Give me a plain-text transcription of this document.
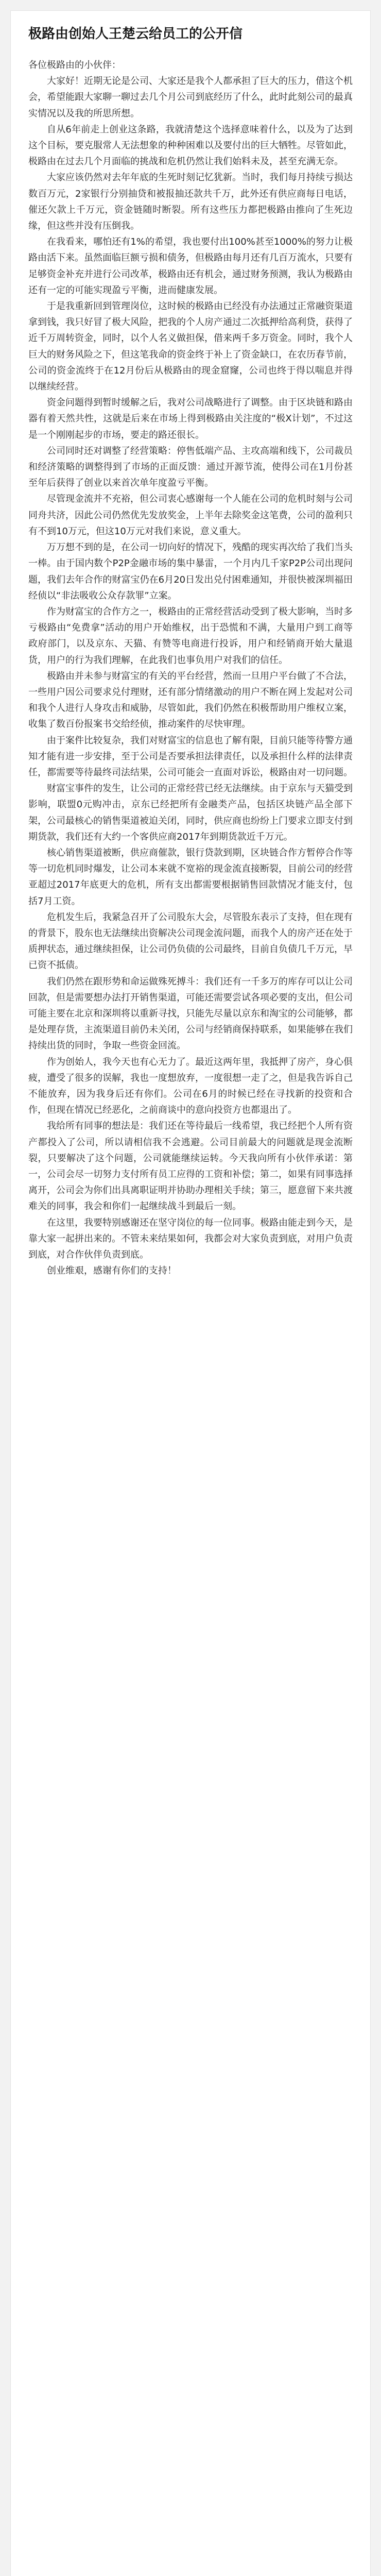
极路由创始人王楚云给员工的公开信

各位极路由的小伙伴：

大家好！近期无论是公司、大家还是我个人都承担了巨大的压力，借这个机会，希望能跟大家聊一聊过去几个月公司到底经历了什么，此时此刻公司的最真实情况以及我的所思所想。

自从6年前走上创业这条路，我就清楚这个选择意味着什么，以及为了达到这个目标，要克服常人无法想象的种种困难以及要付出的巨大牺牲。尽管如此，极路由在过去几个月面临的挑战和危机仍然让我们始料未及，甚至充满无奈。

大家应该仍然对去年年底的生死时刻记忆犹新。当时，我们每月持续亏损达数百万元，2家银行分别抽贷和被报抽还款共千万，此外还有供应商每日电话，催还欠款上千万元，资金链随时断裂。所有这些压力都把极路由推向了生死边缘，但这些并没有压倒我。

在我看来，哪怕还有1%的希望，我也要付出100%甚至1000%的努力让极路由活下来。虽然面临巨额亏损和债务，但极路由每月还有几百万流水，只要有足够资金补充并进行公司改革，极路由还有机会，通过财务预测，我认为极路由还有一定的可能实现盈亏平衡，进而健康发展。

于是我重新回到管理岗位，这时候的极路由已经没有办法通过正常融资渠道拿到钱，我只好冒了极大风险，把我的个人房产通过二次抵押给高利贷，获得了近千万周转资金，同时，以个人名义做担保，借来两千多万资金。同时，我个人巨大的财务风险之下，但这笔我命的资金终于补上了资金缺口，在农历春节前，公司的资金流终于在12月份后从极路由的现金窟窿，公司也终于得以喘息并得以继续经营。

资金问题得到暂时缓解之后，我对公司战略进行了调整。由于区块链和路由器有着天然共性，这就是后来在市场上得到极路由关注度的“极X计划”，不过这是一个刚刚起步的市场，要走的路还很长。

公司同时还对调整了经营策略：停售低端产品、主攻高端和线下，公司裁员和经济策略的调整得到了市场的正面反馈：通过开源节流，使得公司在1月份甚至年后获得了创业以来首次单年度盈亏平衡。

尽管现金流并不充裕，但公司衷心感谢每一个人能在公司的危机时刻与公司同舟共济，因此公司仍然优先发放奖金，上半年去除奖金这笔费，公司的盈利只有不到10万元，但这10万元对我们来说，意义重大。

万万想不到的是，在公司一切向好的情况下，残酷的现实再次给了我们当头一棒。由于国内数个P2P金融市场的集中暴雷，一个月内几千家P2P公司出现问题，我们去年合作的财富宝仍在6月20日发出兑付困难通知，并很快被深圳福田经侦以“非法吸收公众存款罪”立案。

作为财富宝的合作方之一，极路由的正常经营活动受到了极大影响，当时多亏极路由“免费拿”活动的用户开始维权，出于恐慌和不满，大量用户到工商等政府部门，以及京东、天猫、有赞等电商进行投诉，用户和经销商开始大量退货，用户的行为我们理解，在此我们也事负用户对我们的信任。

极路由并未参与财富宝的有关的平台经营，然而一旦用户平台做了不合法，一些用户因公司要求兑付理财，还有部分情绪激动的用户不断在网上发起对公司和我个人进行人身攻击和威胁，尽管如此，我们仍然在积极帮助用户维权立案，收集了数百份报案书交给经侦，推动案件的尽快审理。

由于案件比较复杂，我们对财富宝的信息也了解有限，目前只能等待警方通知才能有进一步安排，至于公司是否要承担法律责任，以及承担什么样的法律责任，都需要等待最终司法结果，公司可能会一直面对诉讼，极路由对一切问题。

财富宝事件的发生，让公司的正常经营已经无法继续。由于京东与天猫受到影响，联盟0元购冲击，京东已经把所有金融类产品，包括区块链产品全部下架，公司最核心的销售渠道被迫关闭，同时，供应商也纷纷上门要求立即支付到期货款，我们还有大约一个客供应商2017年到期货款近千万元。

核心销售渠道被断，供应商催款，银行贷款到期，区块链合作方暂停合作等等一切危机同时爆发，让公司本来就不宽裕的现金流直接断裂，目前公司的经营亚超过2017年底更大的危机，所有支出都需要根据销售回款情况才能支付，包括7月工资。

危机发生后，我紧急召开了公司股东大会，尽管股东表示了支持，但在现有的背景下，股东也无法继续出资解决公司现金流问题，而我个人的房产还在处于质押状态，通过继续担保，让公司仍负债的公司最终，目前自负债几千万元，早已资不抵债。

我们仍然在跟形势和命运做殊死搏斗：我们还有一千多万的库存可以让公司回款，但是需要想办法打开销售渠道，可能还需要尝试各项必要的支出，但公司可能主要在北京和深圳将以重新寻找，只能先尽量以京东和淘宝的公司能够，都是处理存货，主流渠道目前仍未关闭，公司与经销商保持联系，如果能够在我们持续出货的同时，争取一些资金回流。

作为创始人，我今天也有心无力了。最近这两年里，我抵押了房产，身心俱疲，遭受了很多的误解，我也一度想放弃，一度很想一走了之，但是我告诉自己不能放弃，因为我身后还有你们。公司在6月的时候已经在寻找新的投资和合作，但现在情况已经恶化，之前商谈中的意向投资方也都退出了。

我给所有同事的想法是：我们还在等待最后一线希望，我已经把个人所有资产都投入了公司，所以请相信我不会逃避。公司目前最大的问题就是现金流断裂，只要解决了这个问题，公司就能继续运转。今天我向所有小伙伴承诺：第一，公司会尽一切努力支付所有员工应得的工资和补偿；第二，如果有同事选择离开，公司会为你们出具离职证明并协助办理相关手续；第三，愿意留下来共渡难关的同事，我会和你们一起继续战斗到最后一刻。

在这里，我要特别感谢还在坚守岗位的每一位同事。极路由能走到今天，是靠大家一起拼出来的。不管未来结果如何，我都会对大家负责到底，对用户负责到底，对合作伙伴负责到底。

创业维艰，感谢有你们的支持！
